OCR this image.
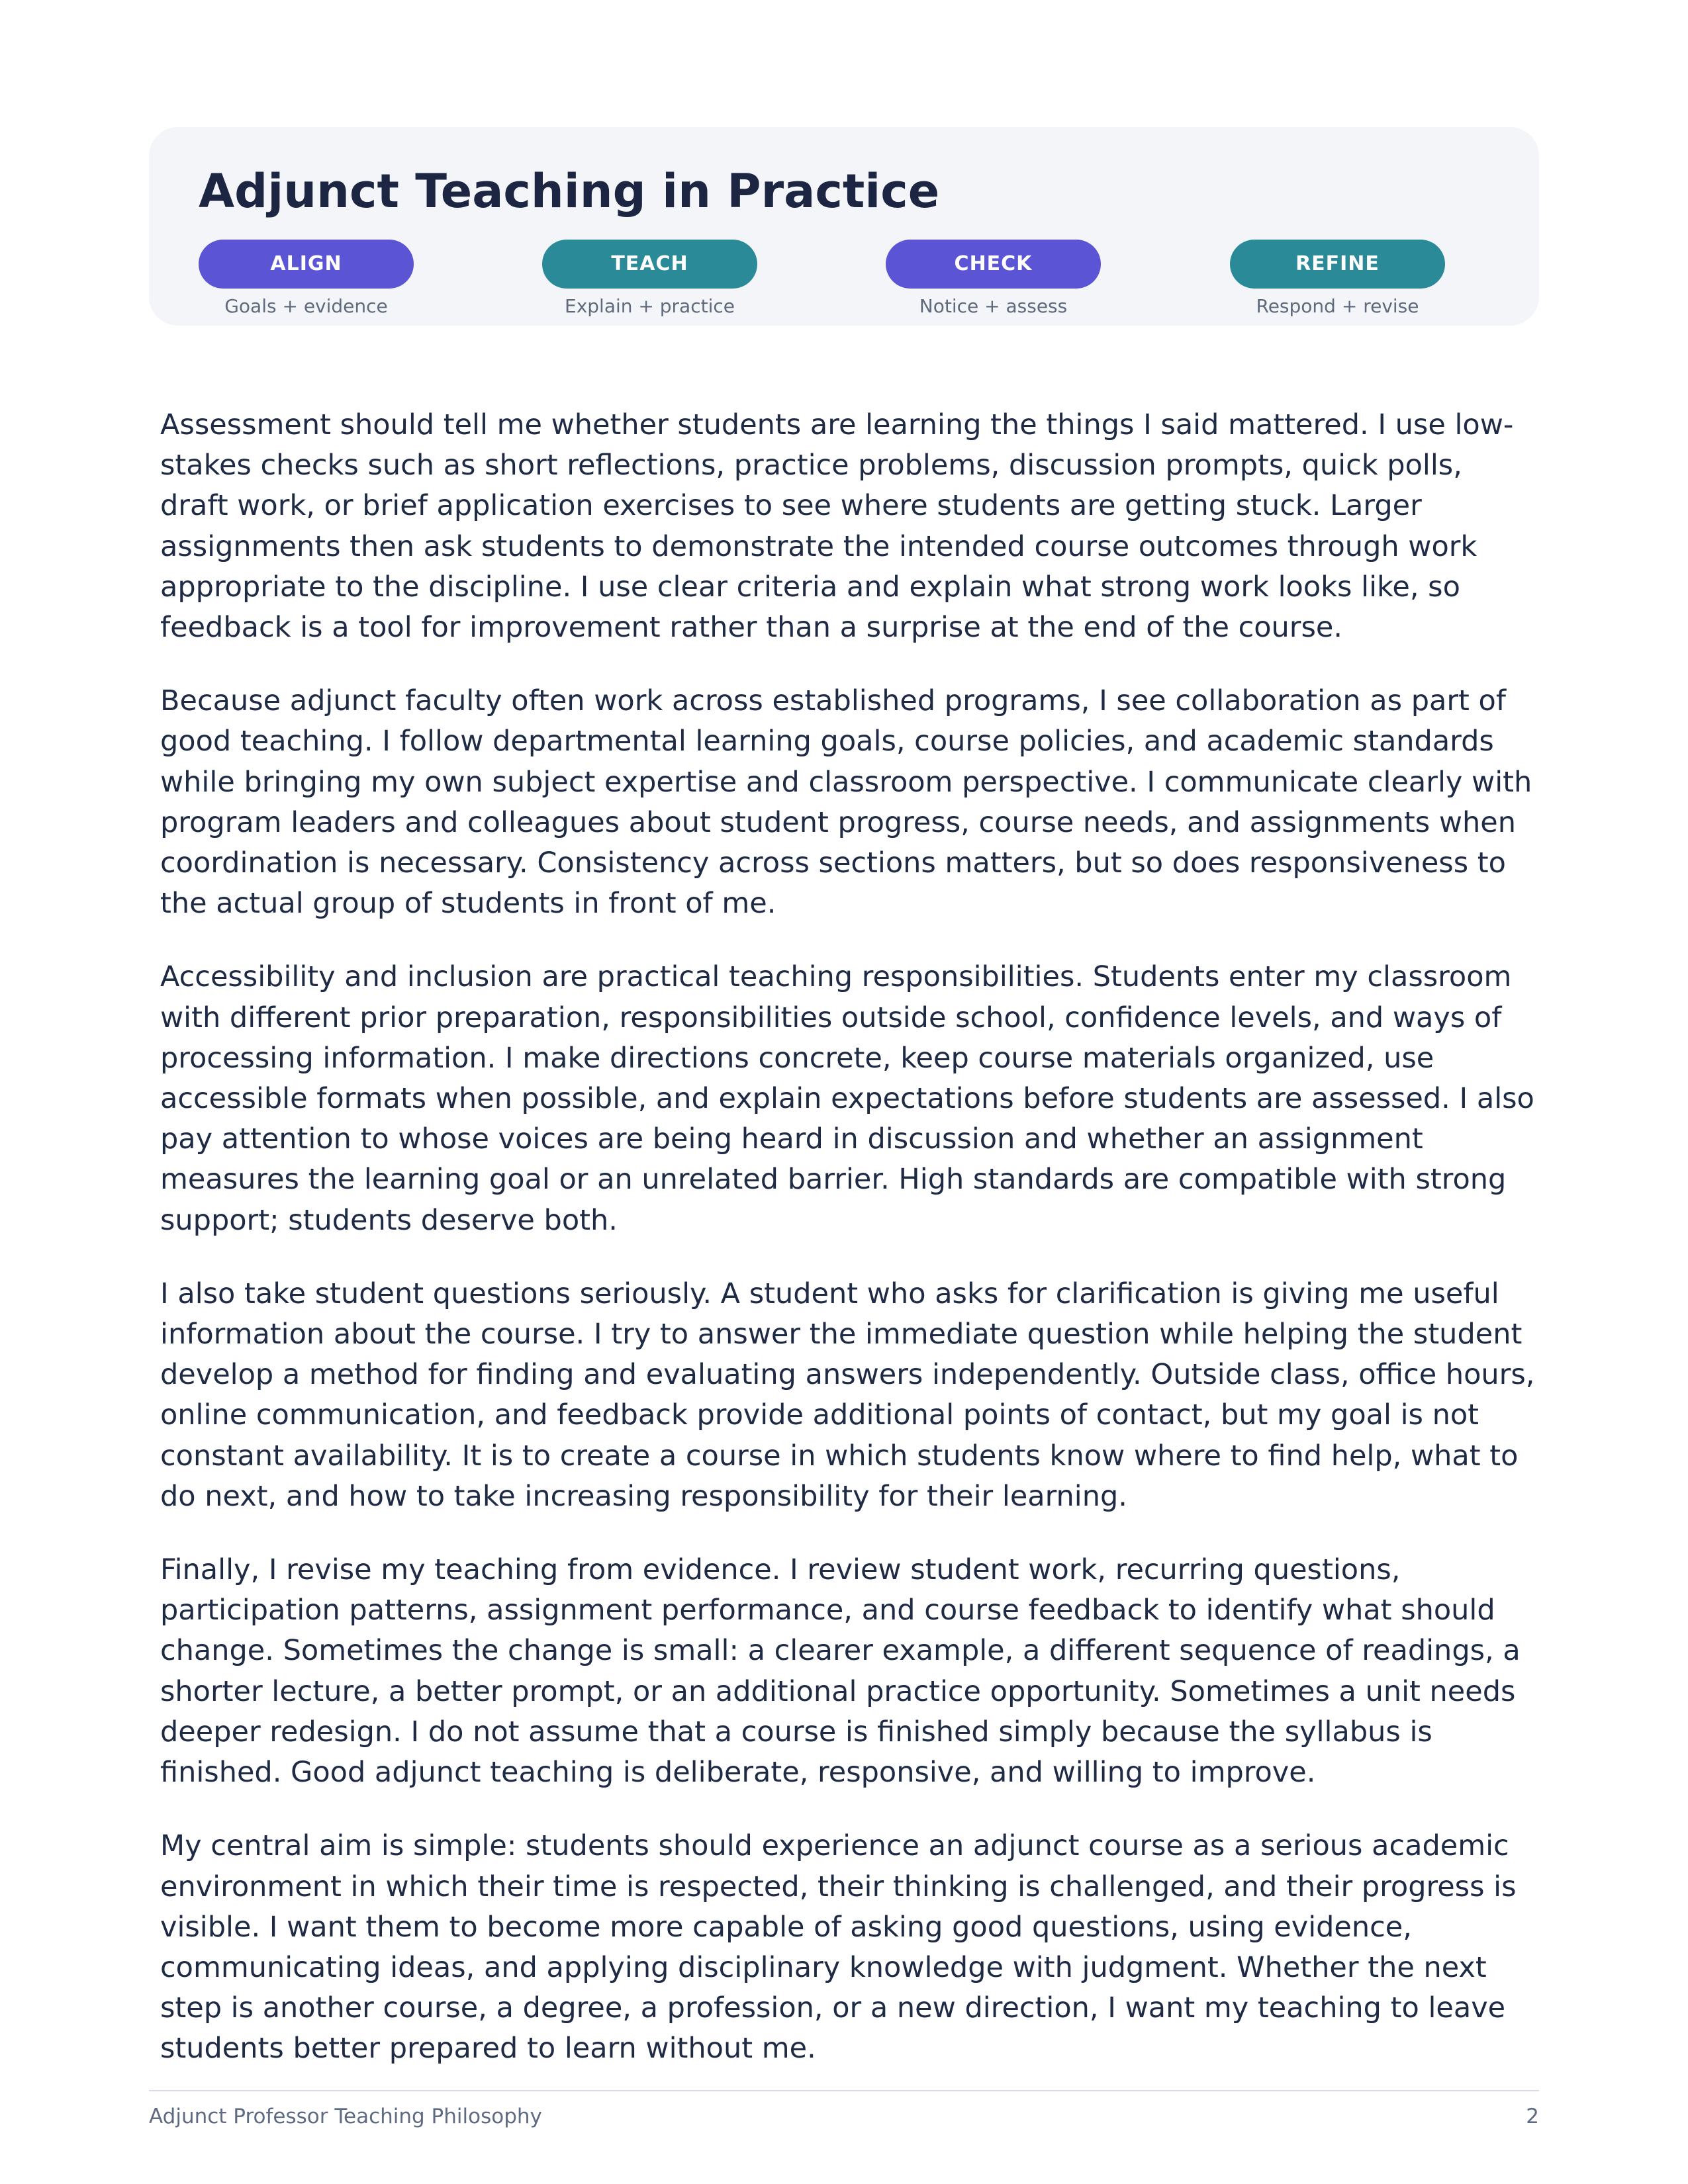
Adjunct Teaching in Practice
ALIGN
Goals + evidence
TEACH
Explain + practice
CHECK
Notice + assess
REFINE
Respond + revise

Assessment should tell me whether students are learning the things I said mattered. I use low-stakes checks such as short reflections, practice problems, discussion prompts, quick polls, draft work, or brief application exercises to see where students are getting stuck. Larger assignments then ask students to demonstrate the intended course outcomes through work appropriate to the discipline. I use clear criteria and explain what strong work looks like, so feedback is a tool for improvement rather than a surprise at the end of the course.

Because adjunct faculty often work across established programs, I see collaboration as part of good teaching. I follow departmental learning goals, course policies, and academic standards while bringing my own subject expertise and classroom perspective. I communicate clearly with program leaders and colleagues about student progress, course needs, and assignments when coordination is necessary. Consistency across sections matters, but so does responsiveness to the actual group of students in front of me.

Accessibility and inclusion are practical teaching responsibilities. Students enter my classroom with different prior preparation, responsibilities outside school, confidence levels, and ways of processing information. I make directions concrete, keep course materials organized, use accessible formats when possible, and explain expectations before students are assessed. I also pay attention to whose voices are being heard in discussion and whether an assignment measures the learning goal or an unrelated barrier. High standards are compatible with strong support; students deserve both.

I also take student questions seriously. A student who asks for clarification is giving me useful information about the course. I try to answer the immediate question while helping the student develop a method for finding and evaluating answers independently. Outside class, office hours, online communication, and feedback provide additional points of contact, but my goal is not constant availability. It is to create a course in which students know where to find help, what to do next, and how to take increasing responsibility for their learning.

Finally, I revise my teaching from evidence. I review student work, recurring questions, participation patterns, assignment performance, and course feedback to identify what should change. Sometimes the change is small: a clearer example, a different sequence of readings, a shorter lecture, a better prompt, or an additional practice opportunity. Sometimes a unit needs deeper redesign. I do not assume that a course is finished simply because the syllabus is finished. Good adjunct teaching is deliberate, responsive, and willing to improve.

My central aim is simple: students should experience an adjunct course as a serious academic environment in which their time is respected, their thinking is challenged, and their progress is visible. I want them to become more capable of asking good questions, using evidence, communicating ideas, and applying disciplinary knowledge with judgment. Whether the next step is another course, a degree, a profession, or a new direction, I want my teaching to leave students better prepared to learn without me.

Adjunct Professor Teaching Philosophy	2
